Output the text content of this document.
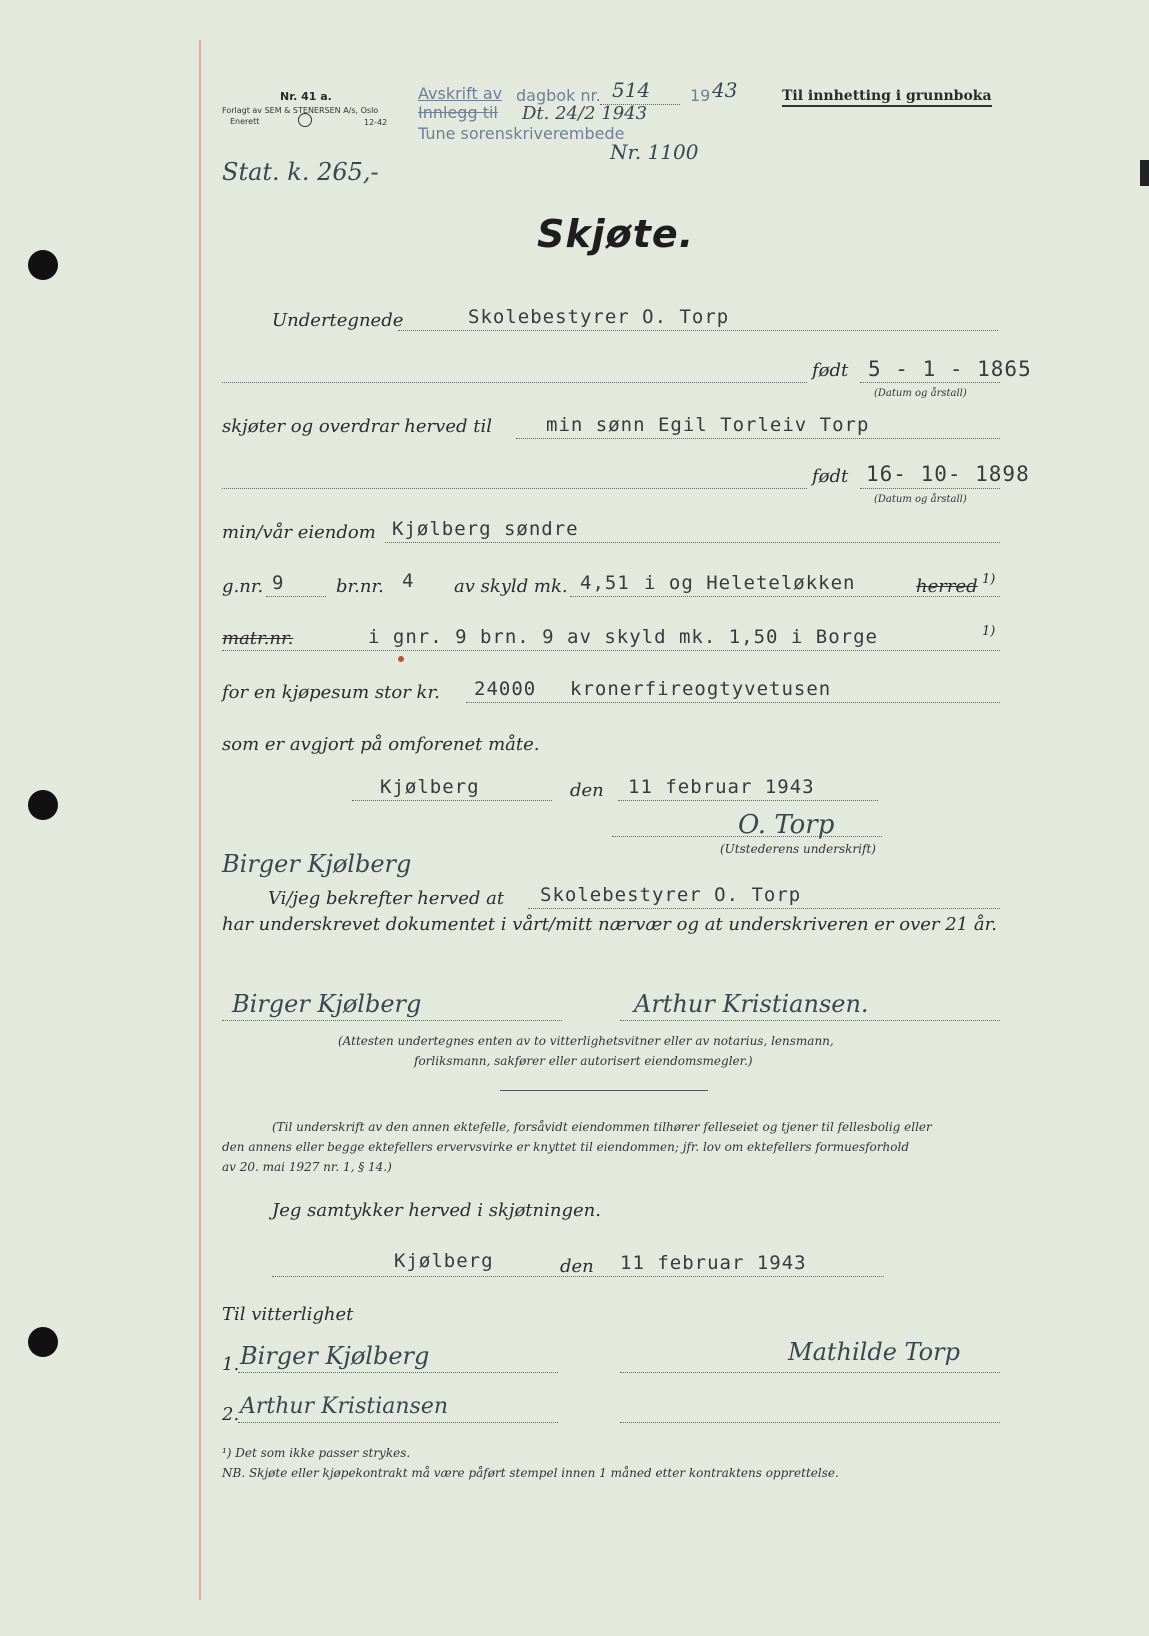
Nr. 41 a.
Forlagt av SEM & STENERSEN A/s, Oslo
Enerett	12-42
Avskrift av
Innlegg til
dagbok nr. 514 19 43
Dt. 24/2 1943
Tune sorenskriverembede
Nr. 1100
Til innhetting i grunnboka
Stat. k. 265,-
Skjøte.
Undertegnede	Skolebestyrer O. Torp
født 5 - 1 - 1865
(Datum og årstall)
skjøter og overdrar herved til	min sønn Egil Torleiv Torp
født 16- 10- 1898
(Datum og årstall)
min/vår eiendom Kjølberg søndre
g.nr. 9	br.nr. 4 av skyld mk. 4,51 i og Heleteløkken	herred 1)
matr.nr.	i gnr. 9 brn. 9 av skyld mk. 1,50 i Borge	1)
for en kjøpesum stor kr. 24000 kronerfireogtyvetusen
som er avgjort på omforenet måte.
Kjølberg	den 11 februar 1943
O. Torp
(Utstederens underskrift)
Birger Kjølberg
Vi/jeg bekrefter herved at Skolebestyrer O. Torp
har underskrevet dokumentet i vårt/mitt nærvær og at underskriveren er over 21 år.
Birger Kjølberg	Arthur Kristiansen.
(Attesten undertegnes enten av to vitterlighetsvitner eller av notarius, lensmann,
forliksmann, sakfører eller autorisert eiendomsmegler.)
(Til underskrift av den annen ektefelle, forsåvidt eiendommen tilhører felleseiet og tjener til fellesbolig eller
den annens eller begge ektefellers ervervsvirke er knyttet til eiendommen; jfr. lov om ektefellers formuesforhold
av 20. mai 1927 nr. 1, § 14.)
Jeg samtykker herved i skjøtningen.
Kjølberg	den 11 februar 1943
Til vitterlighet
1. Birger Kjølberg	Mathilde Torp
2. Arthur Kristiansen
¹) Det som ikke passer strykes.
NB. Skjøte eller kjøpekontrakt må være påført stempel innen 1 måned etter kontraktens opprettelse.
